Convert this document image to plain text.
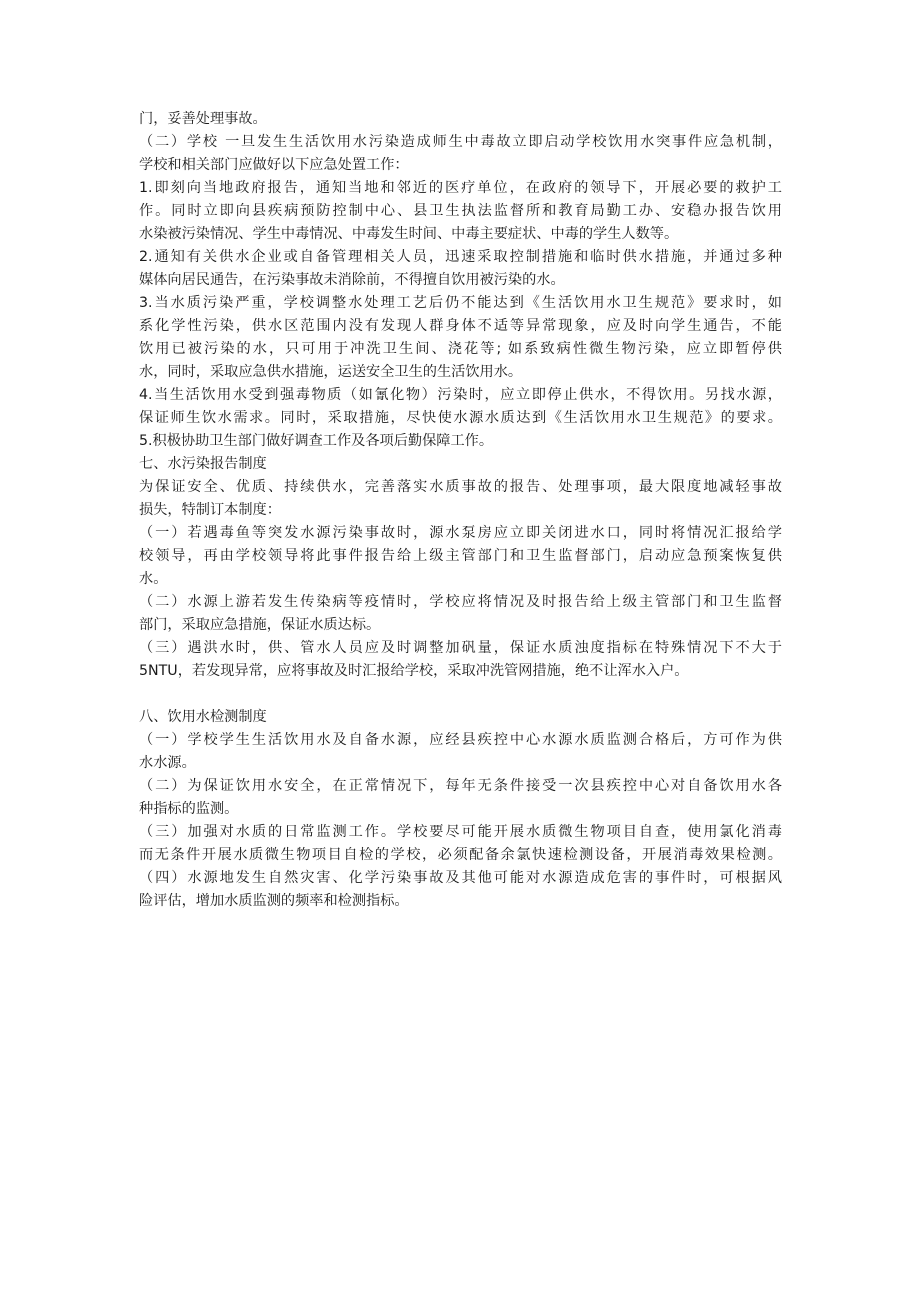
门，妥善处理事故。
（二）学校 一旦发生生活饮用水污染造成师生中毒故立即启动学校饮用水突事件应急机制，
学校和相关部门应做好以下应急处置工作：
1.即刻向当地政府报告，通知当地和邻近的医疗单位，在政府的领导下，开展必要的救护工
作。同时立即向县疾病预防控制中心、县卫生执法监督所和教育局勤工办、安稳办报告饮用
水染被污染情况、学生中毒情况、中毒发生时间、中毒主要症状、中毒的学生人数等。
2.通知有关供水企业或自备管理相关人员，迅速采取控制措施和临时供水措施，并通过多种
媒体向居民通告，在污染事故未消除前，不得擅自饮用被污染的水。
3.当水质污染严重，学校调整水处理工艺后仍不能达到《生活饮用水卫生规范》要求时，如
系化学性污染，供水区范围内没有发现人群身体不适等异常现象，应及时向学生通告，不能
饮用已被污染的水，只可用于冲洗卫生间、浇花等; 如系致病性微生物污染，应立即暂停供
水，同时，采取应急供水措施，运送安全卫生的生活饮用水。
4.当生活饮用水受到强毒物质（如氰化物）污染时，应立即停止供水，不得饮用。另找水源，
保证师生饮水需求。同时，采取措施，尽快使水源水质达到《生活饮用水卫生规范》的要求。
5.积极协助卫生部门做好调查工作及各项后勤保障工作。
七、水污染报告制度
为保证安全、优质、持续供水，完善落实水质事故的报告、处理事项，最大限度地减轻事故
损失，特制订本制度：
（一）若遇毒鱼等突发水源污染事故时，源水泵房应立即关闭进水口，同时将情况汇报给学
校领导，再由学校领导将此事件报告给上级主管部门和卫生监督部门，启动应急预案恢复供
水。
（二）水源上游若发生传染病等疫情时，学校应将情况及时报告给上级主管部门和卫生监督
部门，采取应急措施，保证水质达标。
（三）遇洪水时，供、管水人员应及时调整加矾量，保证水质浊度指标在特殊情况下不大于
5NTU，若发现异常，应将事故及时汇报给学校，采取冲洗管网措施，绝不让浑水入户。
八、饮用水检测制度
（一）学校学生生活饮用水及自备水源，应经县疾控中心水源水质监测合格后，方可作为供
水水源。
（二）为保证饮用水安全，在正常情况下，每年无条件接受一次县疾控中心对自备饮用水各
种指标的监测。
（三）加强对水质的日常监测工作。学校要尽可能开展水质微生物项目自查，使用氯化消毒
而无条件开展水质微生物项目自检的学校，必须配备余氯快速检测设备，开展消毒效果检测。
（四）水源地发生自然灾害、化学污染事故及其他可能对水源造成危害的事件时，可根据风
险评估，增加水质监测的频率和检测指标。
